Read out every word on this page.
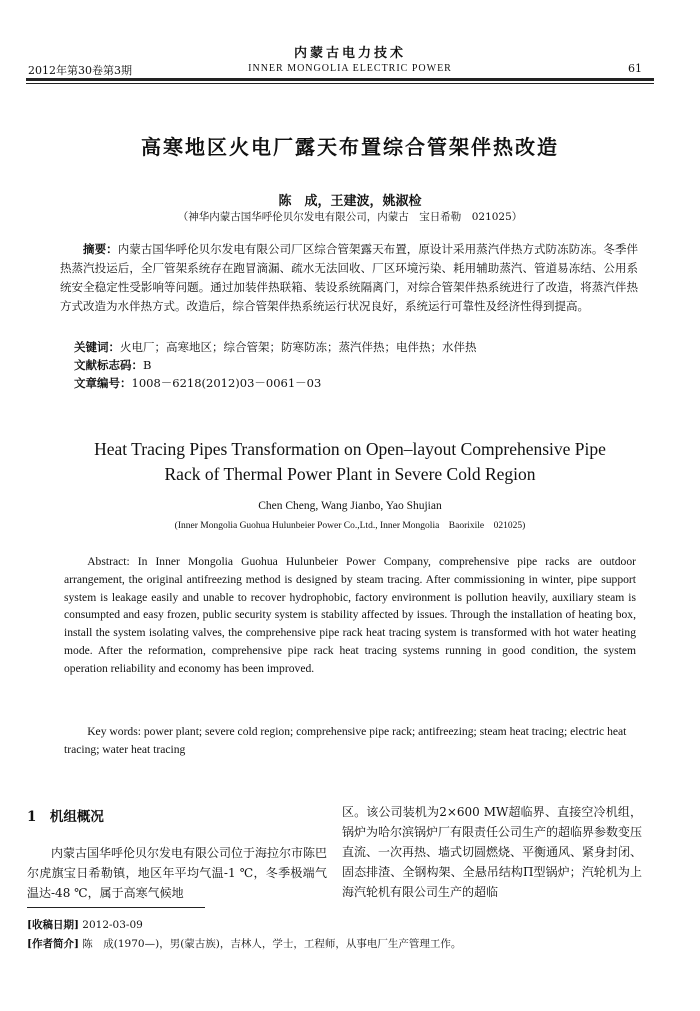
内蒙古电力技术
2012年第30卷第3期	INNER MONGOLIA ELECTRIC POWER	61
高寒地区火电厂露天布置综合管架伴热改造
陈　成，王建波，姚淑检
（神华内蒙古国华呼伦贝尔发电有限公司，内蒙古　宝日希勒　021025）
摘要：内蒙古国华呼伦贝尔发电有限公司厂区综合管架露天布置，原设计采用蒸汽伴热方式防冻防冻。冬季伴热蒸汽投运后，全厂管架系统存在跑冒滴漏、疏水无法回收、厂区环境污染、耗用辅助蒸汽、管道易冻结、公用系统安全稳定性受影响等问题。通过加装伴热联箱、装设系统隔离门，对综合管架伴热系统进行了改造，将蒸汽伴热方式改造为水伴热方式。改造后，综合管架伴热系统运行状况良好，系统运行可靠性及经济性得到提高。
关键词：火电厂；高寒地区；综合管架；防寒防冻；蒸汽伴热；电伴热；水伴热
文献标志码：B
文章编号：1008－6218(2012)03－0061－03
Heat Tracing Pipes Transformation on Open–layout Comprehensive Pipe
Rack of Thermal Power Plant in Severe Cold Region
Chen Cheng, Wang Jianbo, Yao Shujian
(Inner Mongolia Guohua Hulunbeier Power Co.,Ltd., Inner Mongolia　Baorixile　021025)
Abstract: In Inner Mongolia Guohua Hulunbeier Power Company, comprehensive pipe racks are outdoor arrangement, the original antifreezing method is designed by steam tracing. After commissioning in winter, pipe support system is leakage easily and unable to recover hydrophobic, factory environment is pollution heavily, auxiliary steam is consumpted and easy frozen, public security system is stability affected by issues. Through the installation of heating box, install the system isolating valves, the comprehensive pipe rack heat tracing system is transformed with hot water heating mode. After the reformation, comprehensive pipe rack heat tracing systems running in good condition, the system operation reliability and economy has been improved.
Key words: power plant; severe cold region; comprehensive pipe rack; antifreezing; steam heat tracing; electric heat tracing; water heat tracing
1　机组概况
内蒙古国华呼伦贝尔发电有限公司位于海拉尔市陈巴尔虎旗宝日希勒镇，地区年平均气温-1 ℃，冬季极端气温达-48 ℃，属于高寒气候地
区。该公司装机为2×600 MW超临界、直接空冷机组，锅炉为哈尔滨锅炉厂有限责任公司生产的超临界参数变压直流、一次再热、墙式切圆燃烧、平衡通风、紧身封闭、固态排渣、全钢构架、全悬吊结构Π型锅炉；汽轮机为上海汽轮机有限公司生产的超临
[收稿日期] 2012-03-09
[作者简介] 陈　成(1970—)，男(蒙古族)，吉林人，学士，工程师，从事电厂生产管理工作。
